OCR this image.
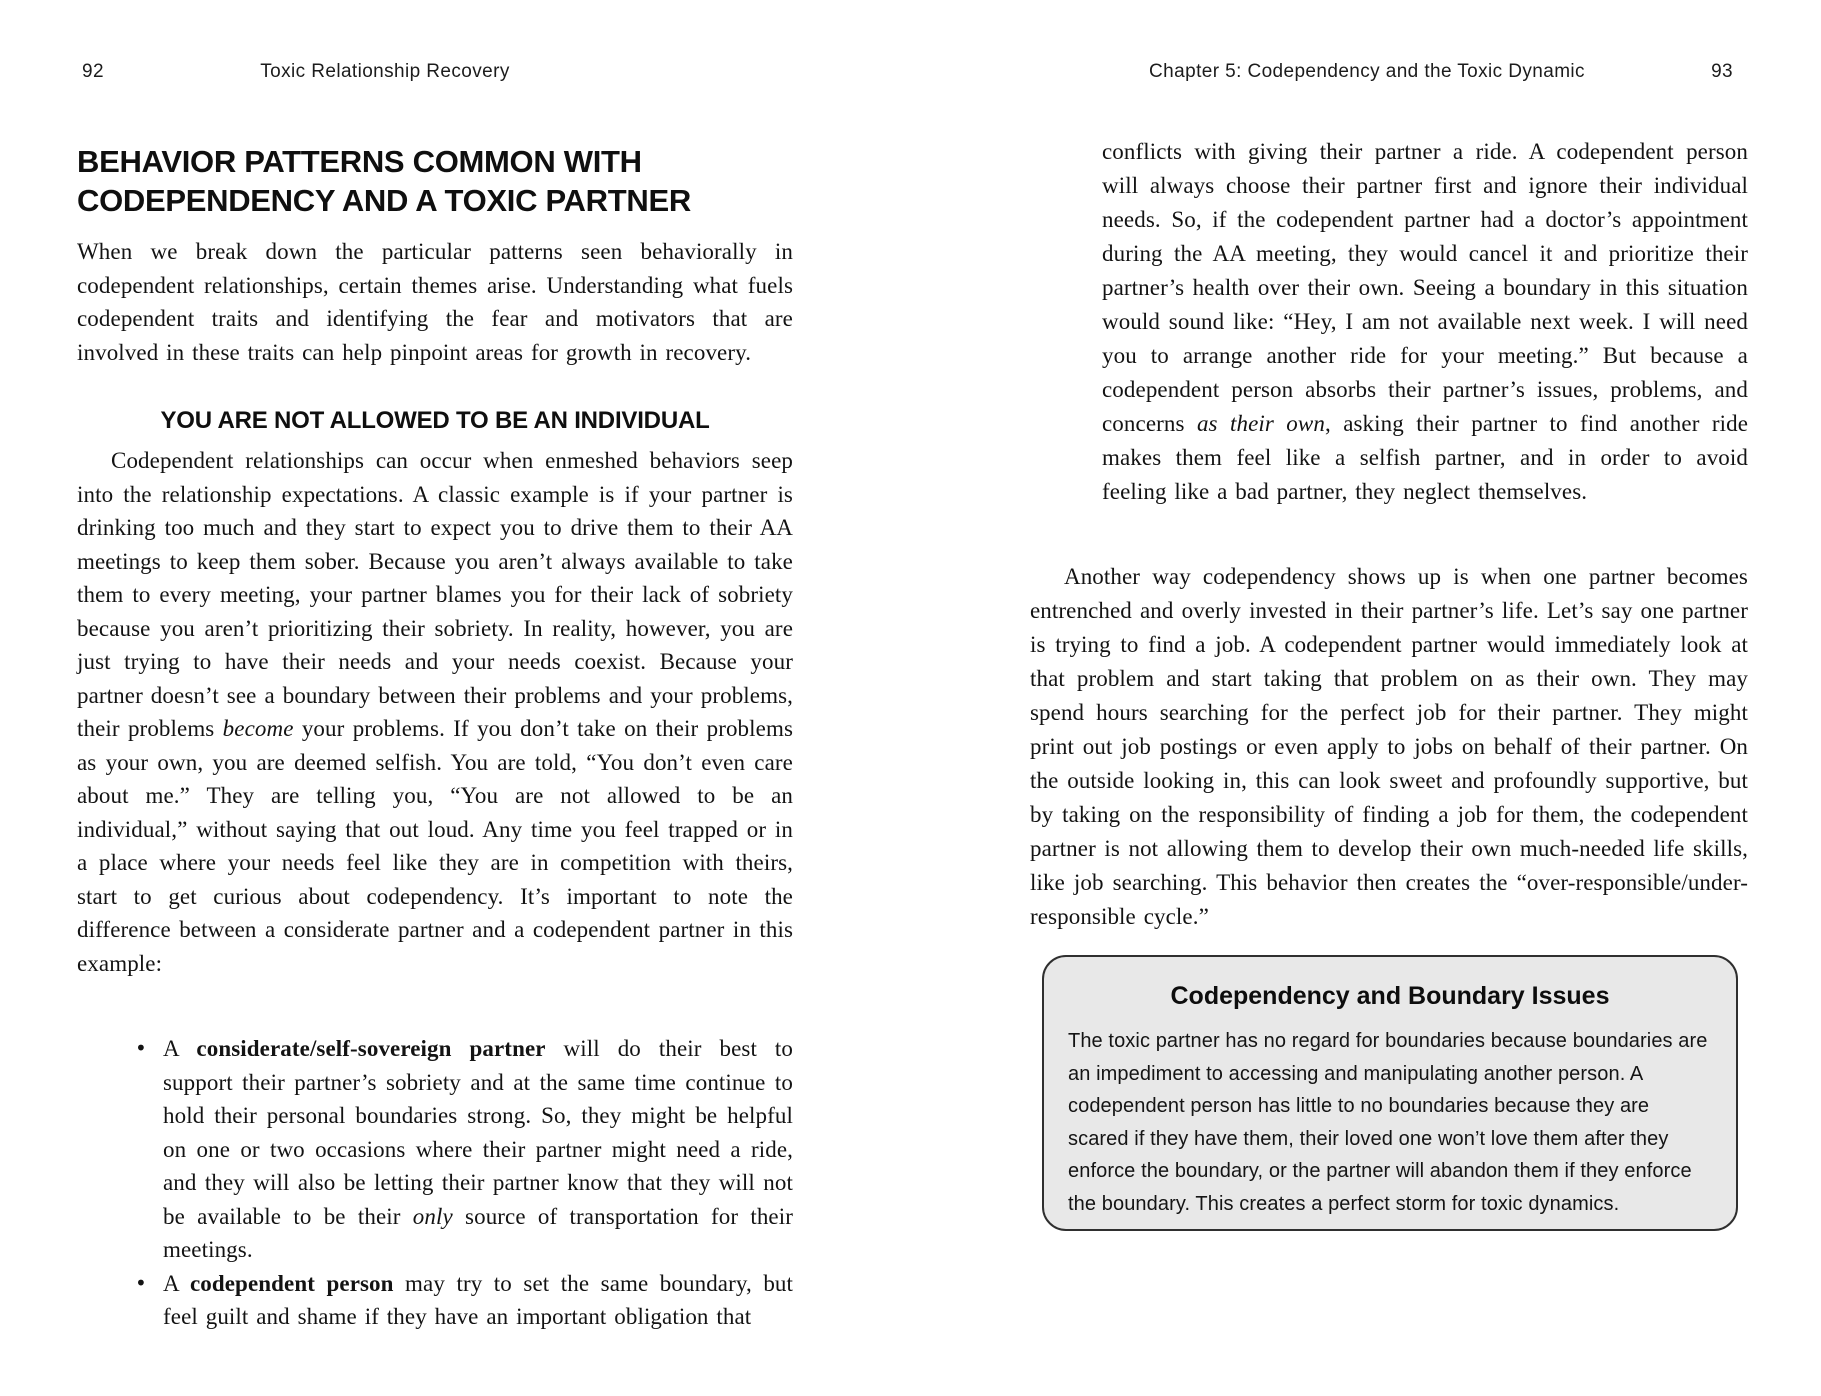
92	Toxic Relationship Recovery
BEHAVIOR PATTERNS COMMON WITH CODEPENDENCY AND A TOXIC PARTNER

When we break down the particular patterns seen behaviorally in codependent relationships, certain themes arise. Understanding what fuels codependent traits and identifying the fear and motivators that are involved in these traits can help pinpoint areas for growth in recovery.

YOU ARE NOT ALLOWED TO BE AN INDIVIDUAL

Codependent relationships can occur when enmeshed behaviors seep into the relationship expectations. A classic example is if your partner is drinking too much and they start to expect you to drive them to their AA meetings to keep them sober. Because you aren’t always available to take them to every meeting, your partner blames you for their lack of sobriety because you aren’t prioritizing their sobriety. In reality, however, you are just trying to have their needs and your needs coexist. Because your partner doesn’t see a boundary between their problems and your problems, their problems become your problems. If you don’t take on their problems as your own, you are deemed selfish. You are told, “You don’t even care about me.” They are telling you, “You are not allowed to be an individual,” without saying that out loud. Any time you feel trapped or in a place where your needs feel like they are in competition with theirs, start to get curious about codependency. It’s important to note the difference between a considerate partner and a codependent partner in this example:

• A considerate/self-sovereign partner will do their best to support their partner’s sobriety and at the same time continue to hold their personal boundaries strong. So, they might be helpful on one or two occasions where their partner might need a ride, and they will also be letting their partner know that they will not be available to be their only source of transportation for their meetings.
• A codependent person may try to set the same boundary, but feel guilt and shame if they have an important obligation that
Chapter 5: Codependency and the Toxic Dynamic	93

conflicts with giving their partner a ride. A codependent person will always choose their partner first and ignore their individual needs. So, if the codependent partner had a doctor’s appointment during the AA meeting, they would cancel it and prioritize their partner’s health over their own. Seeing a boundary in this situation would sound like: “Hey, I am not available next week. I will need you to arrange another ride for your meeting.” But because a codependent person absorbs their partner’s issues, problems, and concerns as their own, asking their partner to find another ride makes them feel like a selfish partner, and in order to avoid feeling like a bad partner, they neglect themselves.

Another way codependency shows up is when one partner becomes entrenched and overly invested in their partner’s life. Let’s say one partner is trying to find a job. A codependent partner would immediately look at that problem and start taking that problem on as their own. They may spend hours searching for the perfect job for their partner. They might print out job postings or even apply to jobs on behalf of their partner. On the outside looking in, this can look sweet and profoundly supportive, but by taking on the responsibility of finding a job for them, the codependent partner is not allowing them to develop their own much-needed life skills, like job searching. This behavior then creates the “over-responsible/under-responsible cycle.”

Codependency and Boundary Issues

The toxic partner has no regard for boundaries because boundaries are an impediment to accessing and manipulating another person. A codependent person has little to no boundaries because they are scared if they have them, their loved one won’t love them after they enforce the boundary, or the partner will abandon them if they enforce the boundary. This creates a perfect storm for toxic dynamics.
